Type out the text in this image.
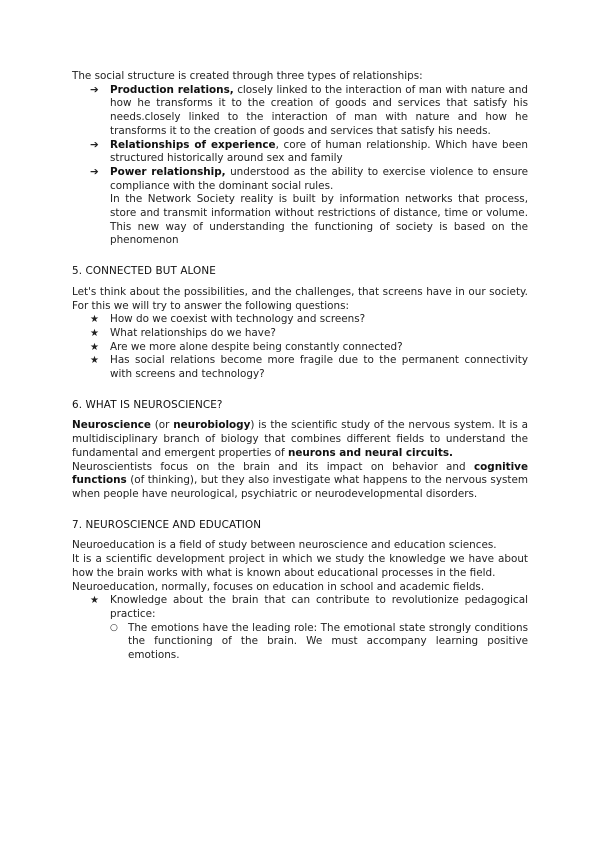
The social structure is created through three types of relationships:

➔ Production relations, closely linked to the interaction of man with nature and how he transforms it to the creation of goods and services that satisfy his needs.closely linked to the interaction of man with nature and how he transforms it to the creation of goods and services that satisfy his needs.
➔ Relationships of experience, core of human relationship. Which have been structured historically around sex and family
➔ Power relationship, understood as the ability to exercise violence to ensure compliance with the dominant social rules.

In the Network Society reality is built by information networks that process, store and transmit information without restrictions of distance, time or volume. This new way of understanding the functioning of society is based on the phenomenon

5. CONNECTED BUT ALONE

Let's think about the possibilities, and the challenges, that screens have in our society. For this we will try to answer the following questions:

★ How do we coexist with technology and screens?
★ What relationships do we have?
★ Are we more alone despite being constantly connected?
★ Has social relations become more fragile due to the permanent connectivity with screens and technology?
6. WHAT IS NEUROSCIENCE?

Neuroscience (or neurobiology) is the scientific study of the nervous system. It is a multidisciplinary branch of biology that combines different fields to understand the fundamental and emergent properties of neurons and neural circuits.

Neuroscientists focus on the brain and its impact on behavior and cognitive functions (of thinking), but they also investigate what happens to the nervous system when people have neurological, psychiatric or neurodevelopmental disorders.

7. NEUROSCIENCE AND EDUCATION

Neuroeducation is a field of study between neuroscience and education sciences.

It is a scientific development project in which we study the knowledge we have about how the brain works with what is known about educational processes in the field.

Neuroeducation, normally, focuses on education in school and academic fields.

★ Knowledge about the brain that can contribute to revolutionize pedagogical practice:
○ The emotions have the leading role: The emotional state strongly conditions the functioning of the brain. We must accompany learning positive emotions.
